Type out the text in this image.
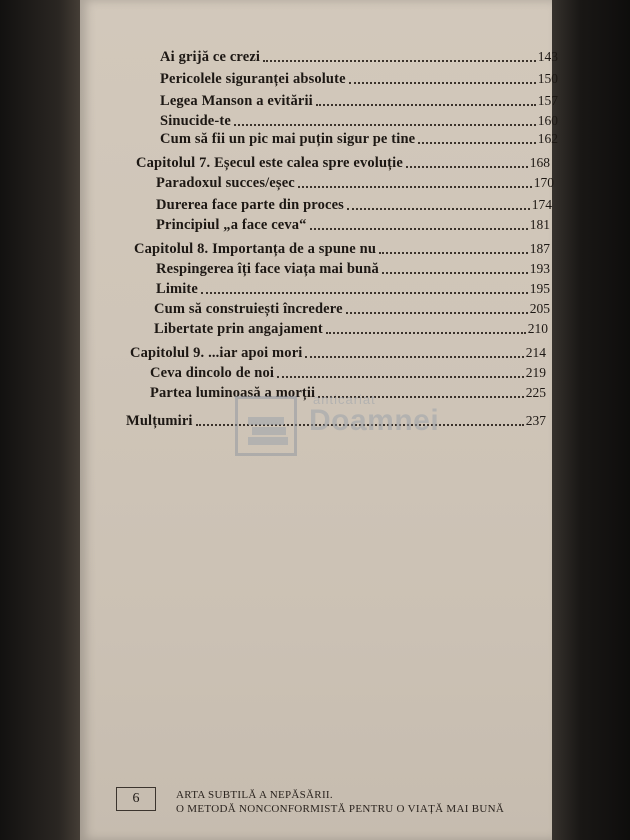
Ai grijă ce crezi	143
Pericolele siguranței absolute	150
Legea Manson a evitării	157
Sinucide-te	160
Cum să fii un pic mai puțin sigur pe tine	162
Capitolul 7. Eșecul este calea spre evoluție	168
Paradoxul succes/eșec	170
Durerea face parte din proces	174
Principiul „a face ceva“	181
Capitolul 8. Importanța de a spune nu	187
Respingerea îți face viața mai bună	193
Limite	195
Cum să construiești încredere	205
Libertate prin angajament	210
Capitolul 9. ...iar apoi mori	214
Ceva dincolo de noi	219
Partea luminoasă a morții	225
Mulțumiri	237
anticariat
Doamnei
6	ARTA SUBTILĂ A NEPĂSĂRII.
O METODĂ NONCONFORMISTĂ PENTRU O VIAȚĂ MAI BUNĂ
